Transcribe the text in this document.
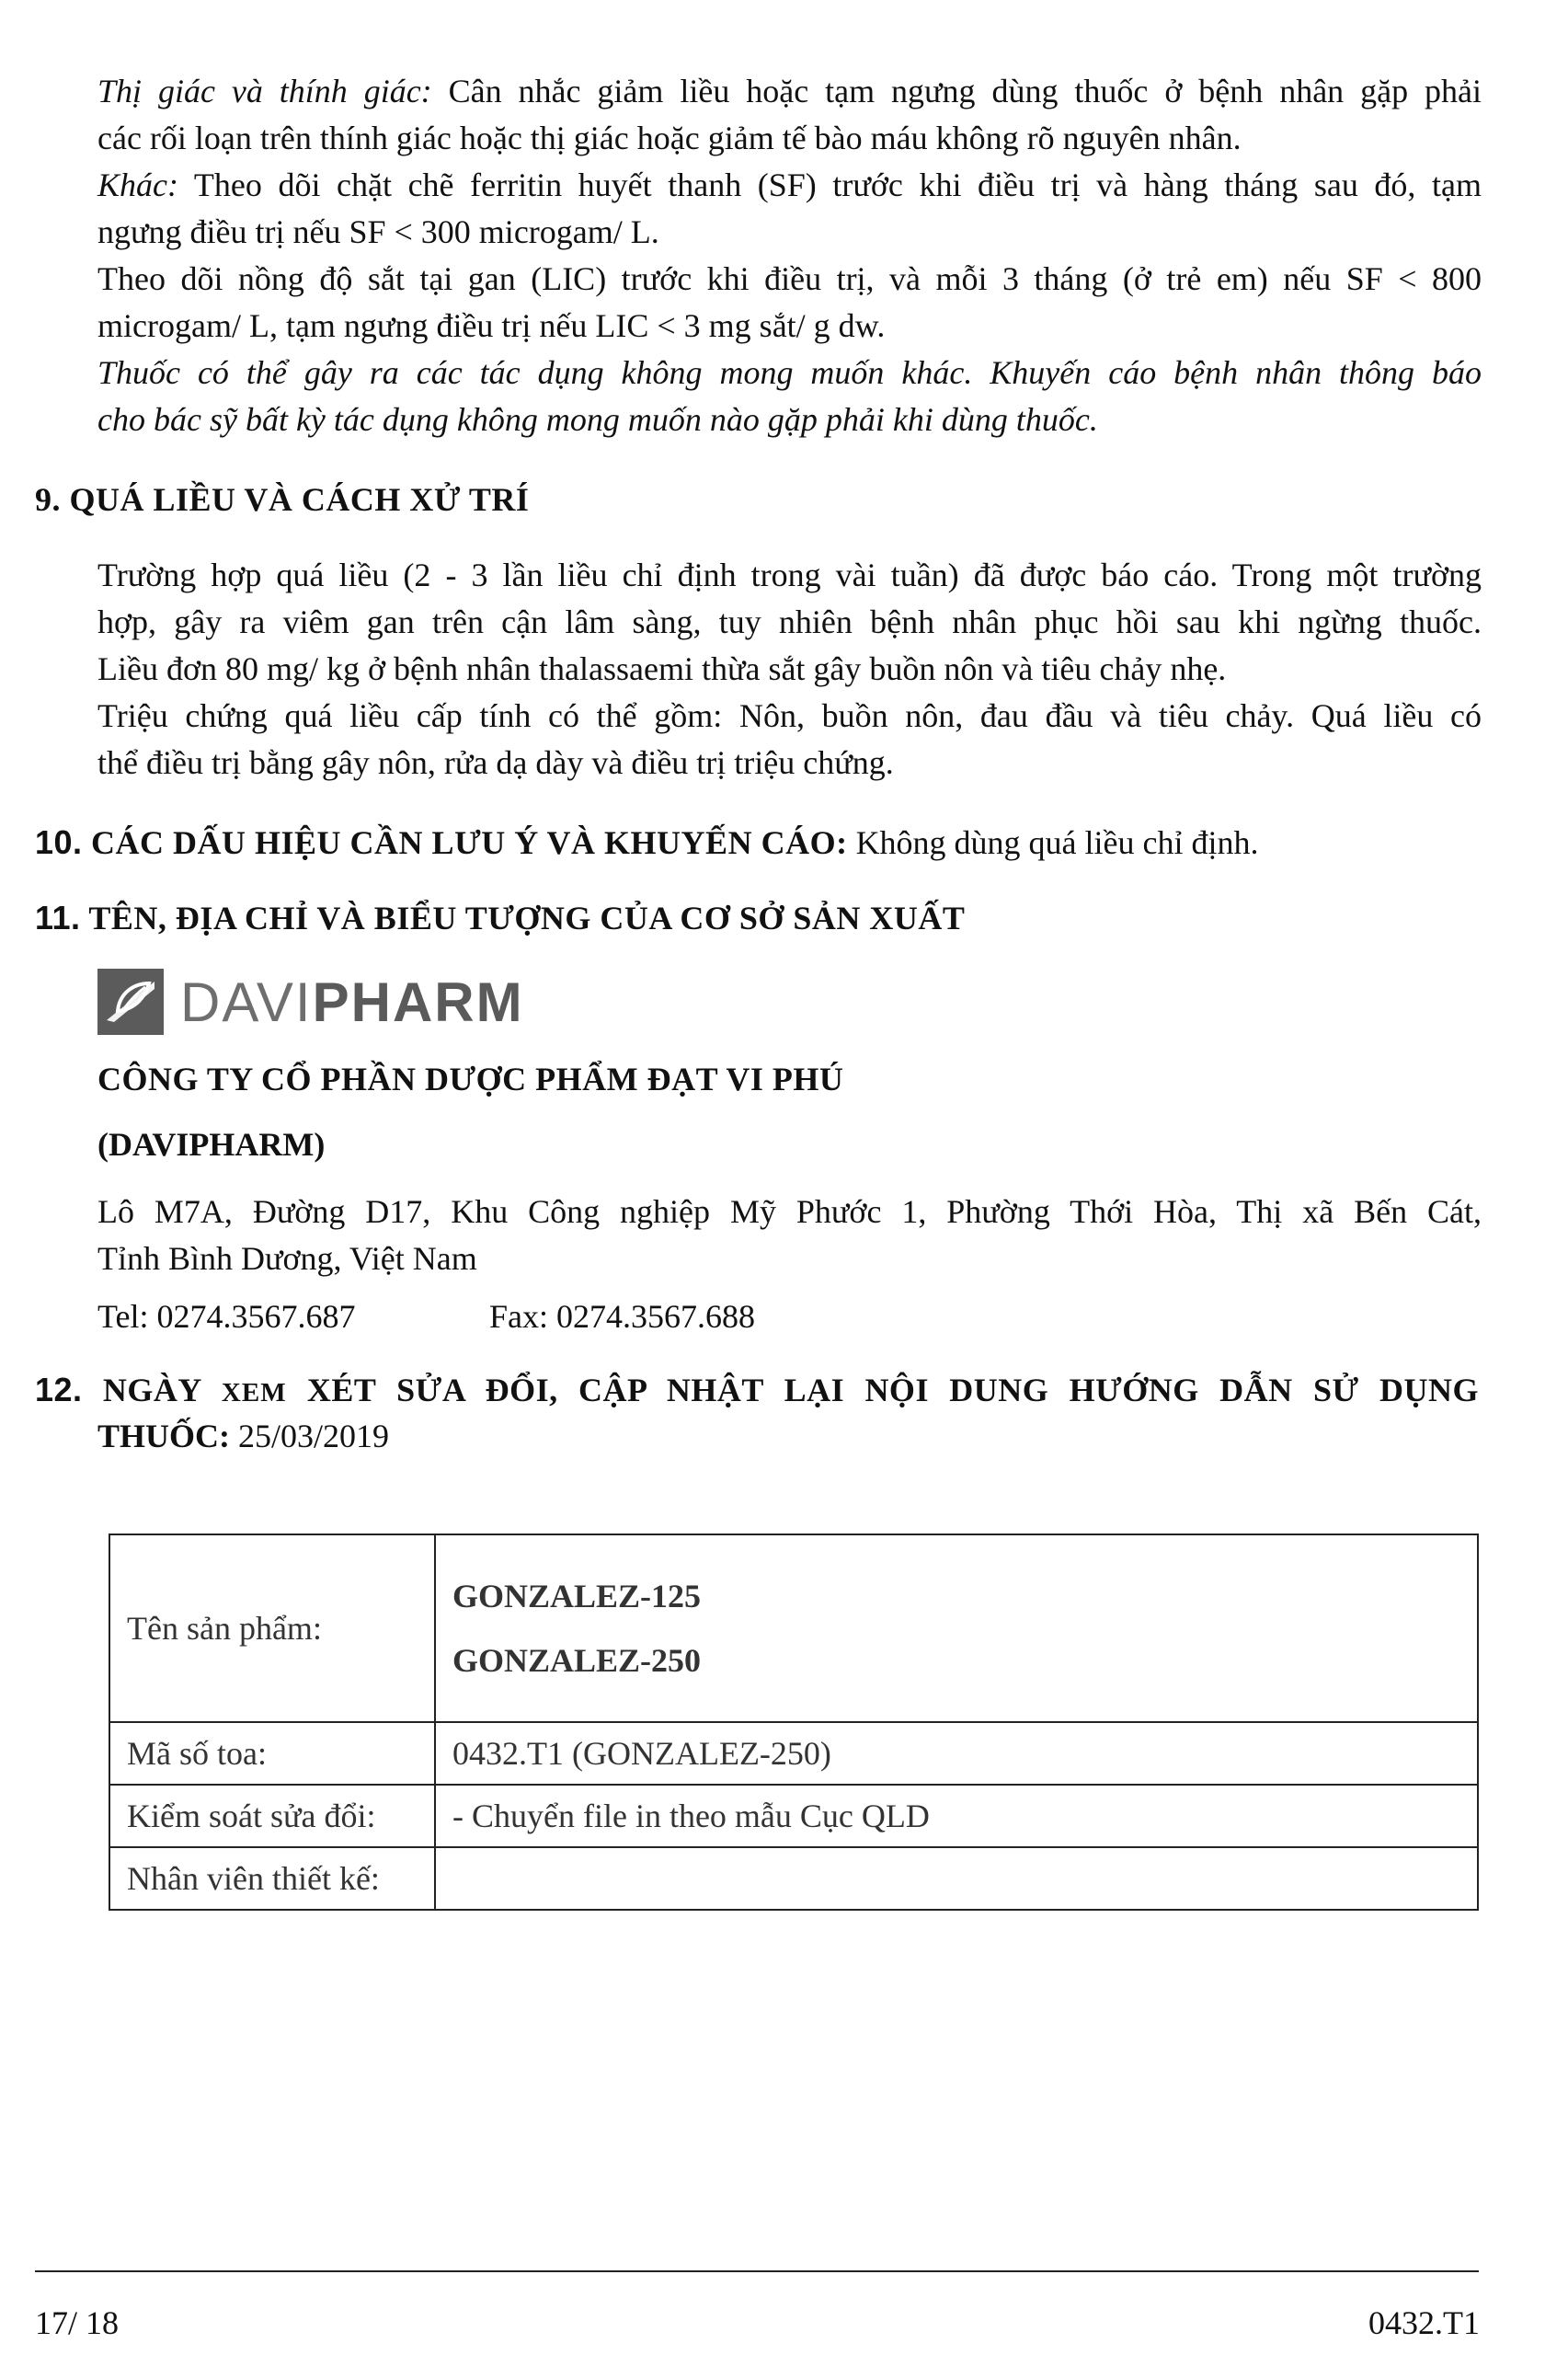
Thị giác và thính giác: Cân nhắc giảm liều hoặc tạm ngưng dùng thuốc ở bệnh nhân gặp phải
các rối loạn trên thính giác hoặc thị giác hoặc giảm tế bào máu không rõ nguyên nhân.
Khác: Theo dõi chặt chẽ ferritin huyết thanh (SF) trước khi điều trị và hàng tháng sau đó, tạm
ngưng điều trị nếu SF < 300 microgam/ L.
Theo dõi nồng độ sắt tại gan (LIC) trước khi điều trị, và mỗi 3 tháng (ở trẻ em) nếu SF < 800
microgam/ L, tạm ngưng điều trị nếu LIC < 3 mg sắt/ g dw.
Thuốc có thể gây ra các tác dụng không mong muốn khác. Khuyến cáo bệnh nhân thông báo
cho bác sỹ bất kỳ tác dụng không mong muốn nào gặp phải khi dùng thuốc.
9. QUÁ LIỀU VÀ CÁCH XỬ TRÍ
Trường hợp quá liều (2 - 3 lần liều chỉ định trong vài tuần) đã được báo cáo. Trong một trường
hợp, gây ra viêm gan trên cận lâm sàng, tuy nhiên bệnh nhân phục hồi sau khi ngừng thuốc.
Liều đơn 80 mg/ kg ở bệnh nhân thalassaemi thừa sắt gây buồn nôn và tiêu chảy nhẹ.
Triệu chứng quá liều cấp tính có thể gồm: Nôn, buồn nôn, đau đầu và tiêu chảy. Quá liều có
thể điều trị bằng gây nôn, rửa dạ dày và điều trị triệu chứng.
10. CÁC DẤU HIỆU CẦN LƯU Ý VÀ KHUYẾN CÁO: Không dùng quá liều chỉ định.
11. TÊN, ĐỊA CHỈ VÀ BIỂU TƯỢNG CỦA CƠ SỞ SẢN XUẤT
DAVIPHARM
CÔNG TY CỔ PHẦN DƯỢC PHẨM ĐẠT VI PHÚ
(DAVIPHARM)
Lô M7A, Đường D17, Khu Công nghiệp Mỹ Phước 1, Phường Thới Hòa, Thị xã Bến Cát,
Tỉnh Bình Dương, Việt Nam
Tel: 0274.3567.687	Fax: 0274.3567.688
12. NGÀY XEM XÉT SỬA ĐỔI, CẬP NHẬT LẠI NỘI DUNG HƯỚNG DẪN SỬ DỤNG
THUỐC: 25/03/2019
Tên sản phẩm:	GONZALEZ-125
GONZALEZ-250

Mã số toa:	0432.T1 (GONZALEZ-250)
Kiểm soát sửa đổi:	- Chuyển file in theo mẫu Cục QLD
Nhân viên thiết kế:	
17/ 18	0432.T1
